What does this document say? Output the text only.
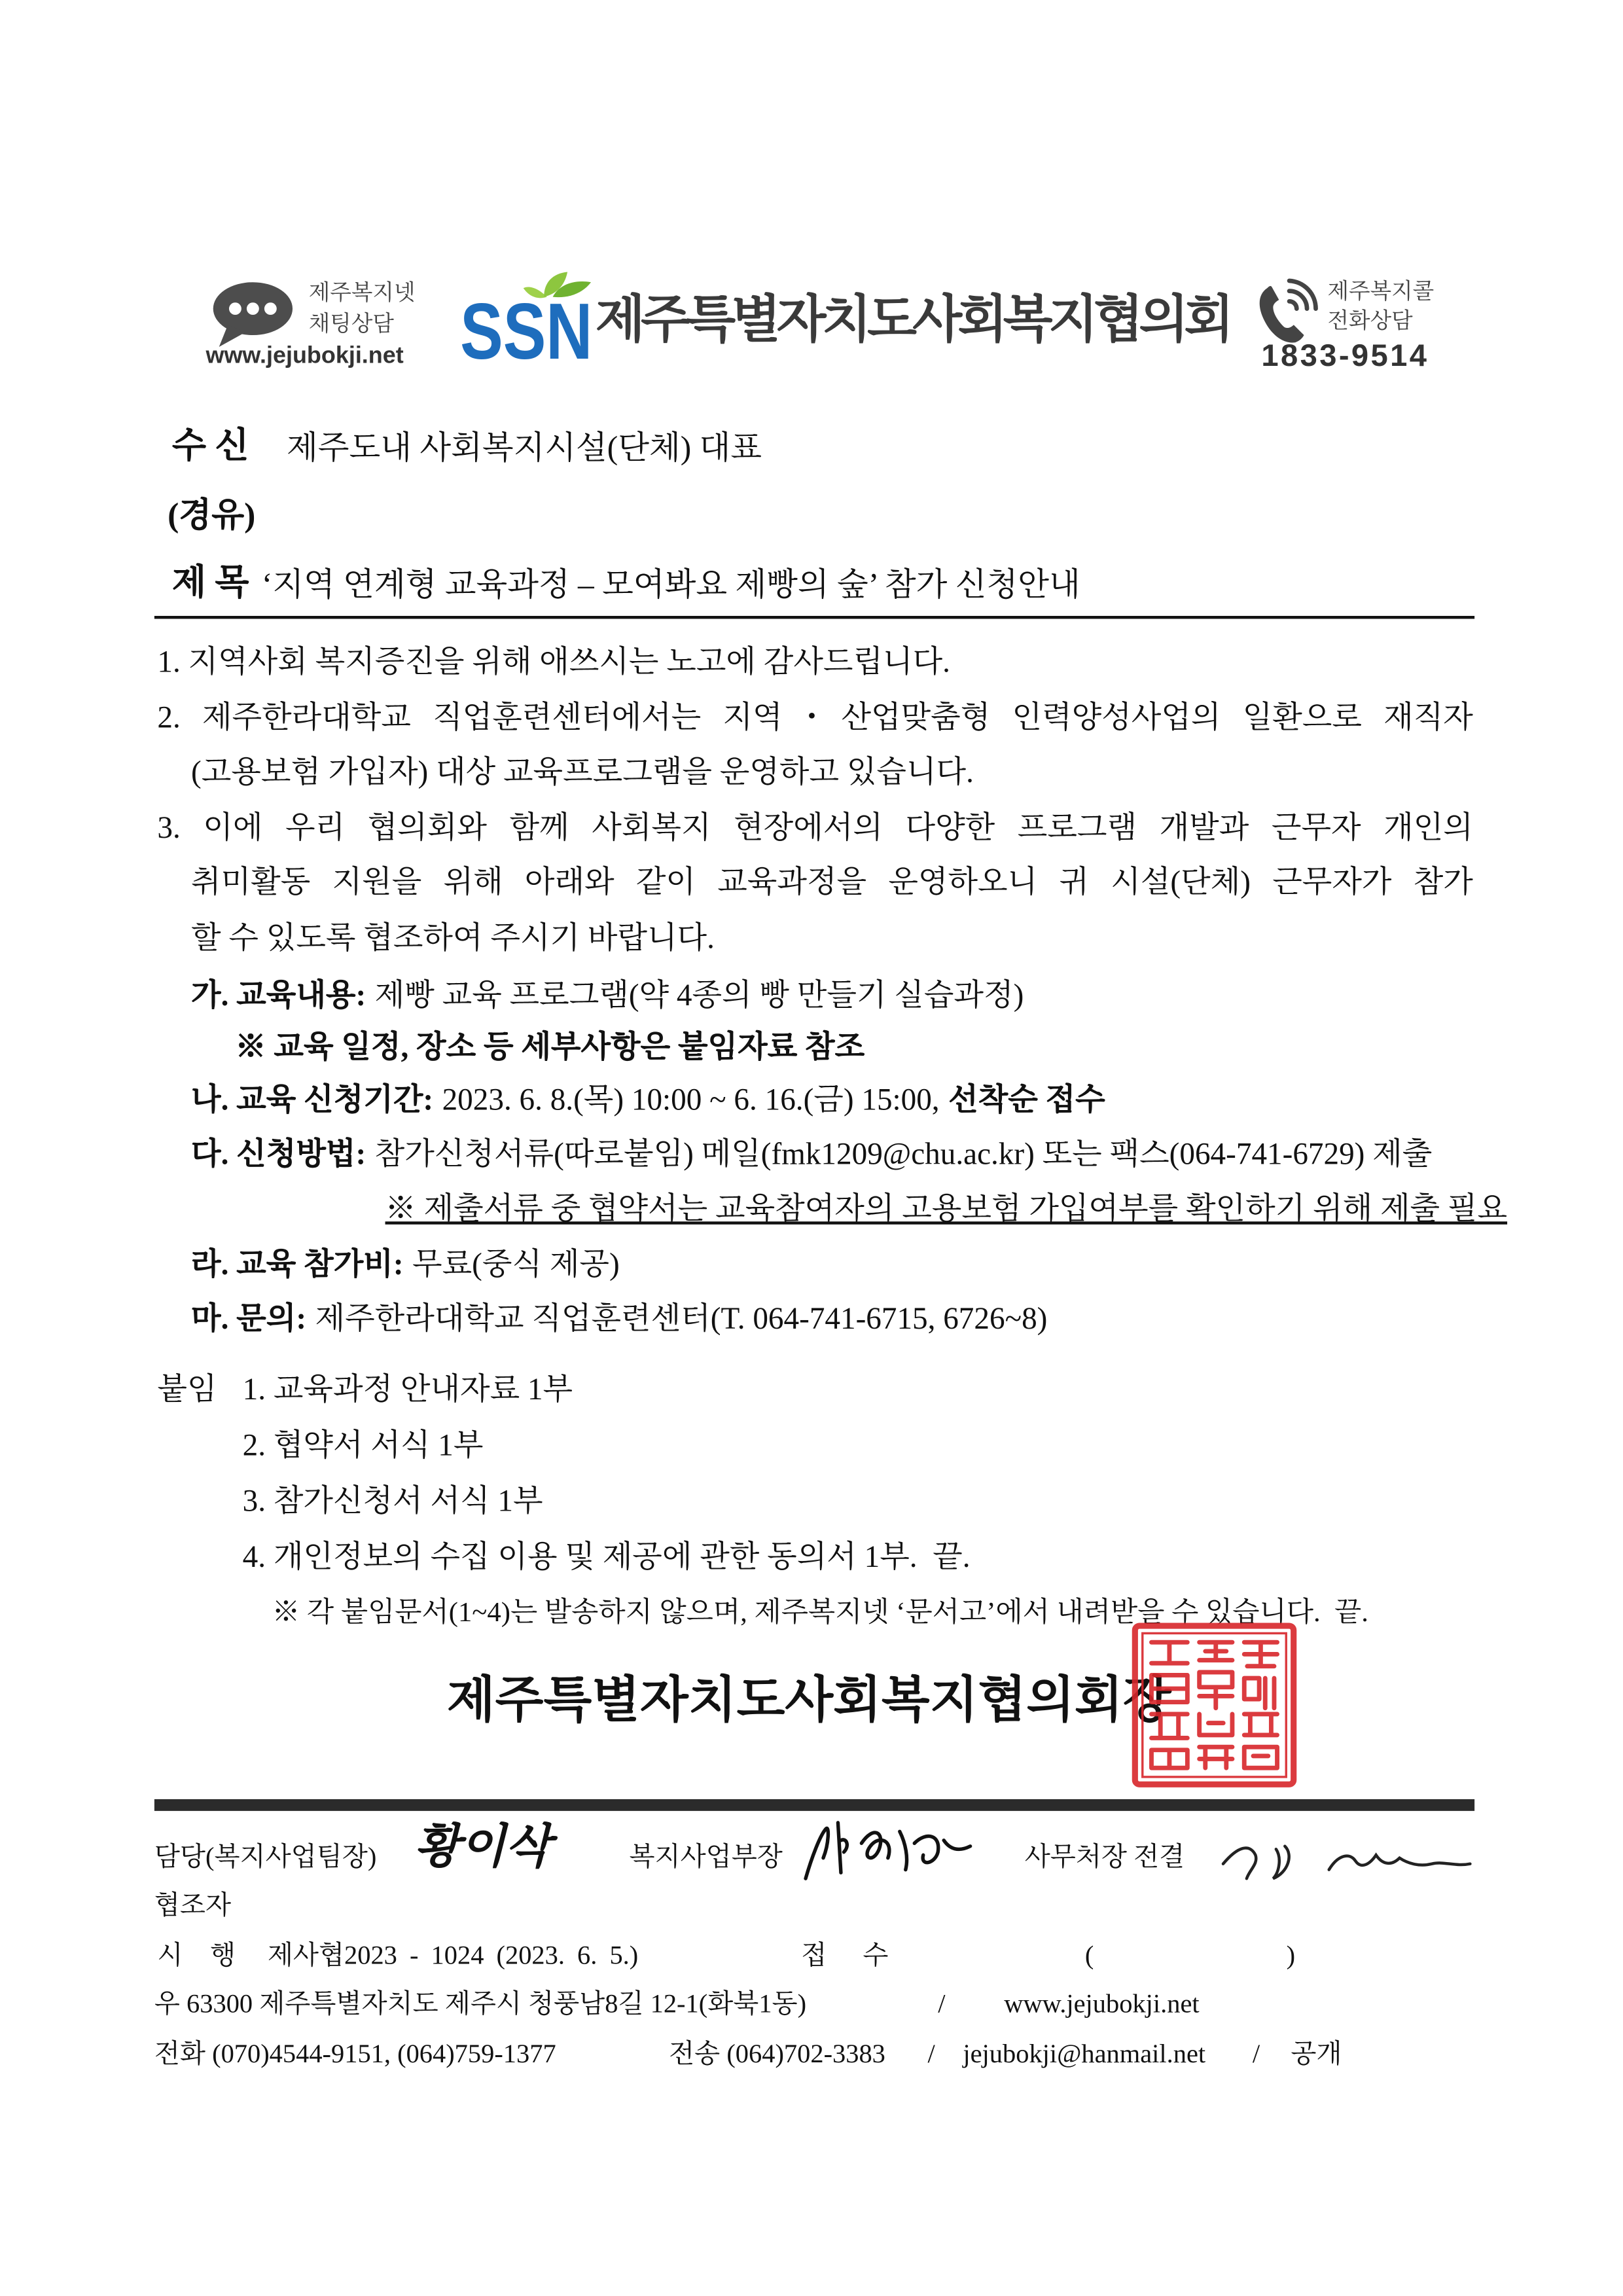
제주복지넷
채팅상담
www.jejubokji.net SSN 제주특별자치도사회복지협의회	제주복지콜
전화상담
1833-9514
수 신	제주도내 사회복지시설(단체) 대표
(경유)
제 목 ‘지역 연계형 교육과정 – 모여봐요 제빵의 숲’ 참가 신청안내
1. 지역사회 복지증진을 위해 애쓰시는 노고에 감사드립니다.
2. 제주한라대학교 직업훈련센터에서는 지역・산업맞춤형 인력양성사업의 일환으로 재직자
(고용보험 가입자) 대상 교육프로그램을 운영하고 있습니다.
3. 이에 우리 협의회와 함께 사회복지 현장에서의 다양한 프로그램 개발과 근무자 개인의
취미활동 지원을 위해 아래와 같이 교육과정을 운영하오니 귀 시설(단체) 근무자가 참가
할 수 있도록 협조하여 주시기 바랍니다.
가. 교육내용: 제빵 교육 프로그램(약 4종의 빵 만들기 실습과정)
※ 교육 일정, 장소 등 세부사항은 붙임자료 참조
나. 교육 신청기간: 2023. 6. 8.(목) 10:00 ~ 6. 16.(금) 15:00, 선착순 접수
다. 신청방법: 참가신청서류(따로붙임) 메일(fmk1209@chu.ac.kr) 또는 팩스(064-741-6729) 제출
※ 제출서류 중 협약서는 교육참여자의 고용보험 가입여부를 확인하기 위해 제출 필요
라. 교육 참가비: 무료(중식 제공)
마. 문의: 제주한라대학교 직업훈련센터(T. 064-741-6715, 6726~8)
붙임 1. 교육과정 안내자료 1부
2. 협약서 서식 1부
3. 참가신청서 서식 1부
4. 개인정보의 수집 이용 및 제공에 관한 동의서 1부.  끝.
※ 각 붙임문서(1~4)는 발송하지 않으며, 제주복지넷 ‘문서고’에서 내려받을 수 있습니다.  끝.
제주특별자치도사회복지협의회장
담당(복지사업팀장) 황이삭	복지사업부장	사무처장 전결
협조자
시 행	제사협2023 - 1024 (2023. 6. 5.)	접 수	(	)
우 63300 제주특별자치도 제주시 청풍남8길 12-1(화북1동)	/	www.jejubokji.net
전화 (070)4544-9151, (064)759-1377	전송 (064)702-3383	/ jejubokji@hanmail.net	/	공개
